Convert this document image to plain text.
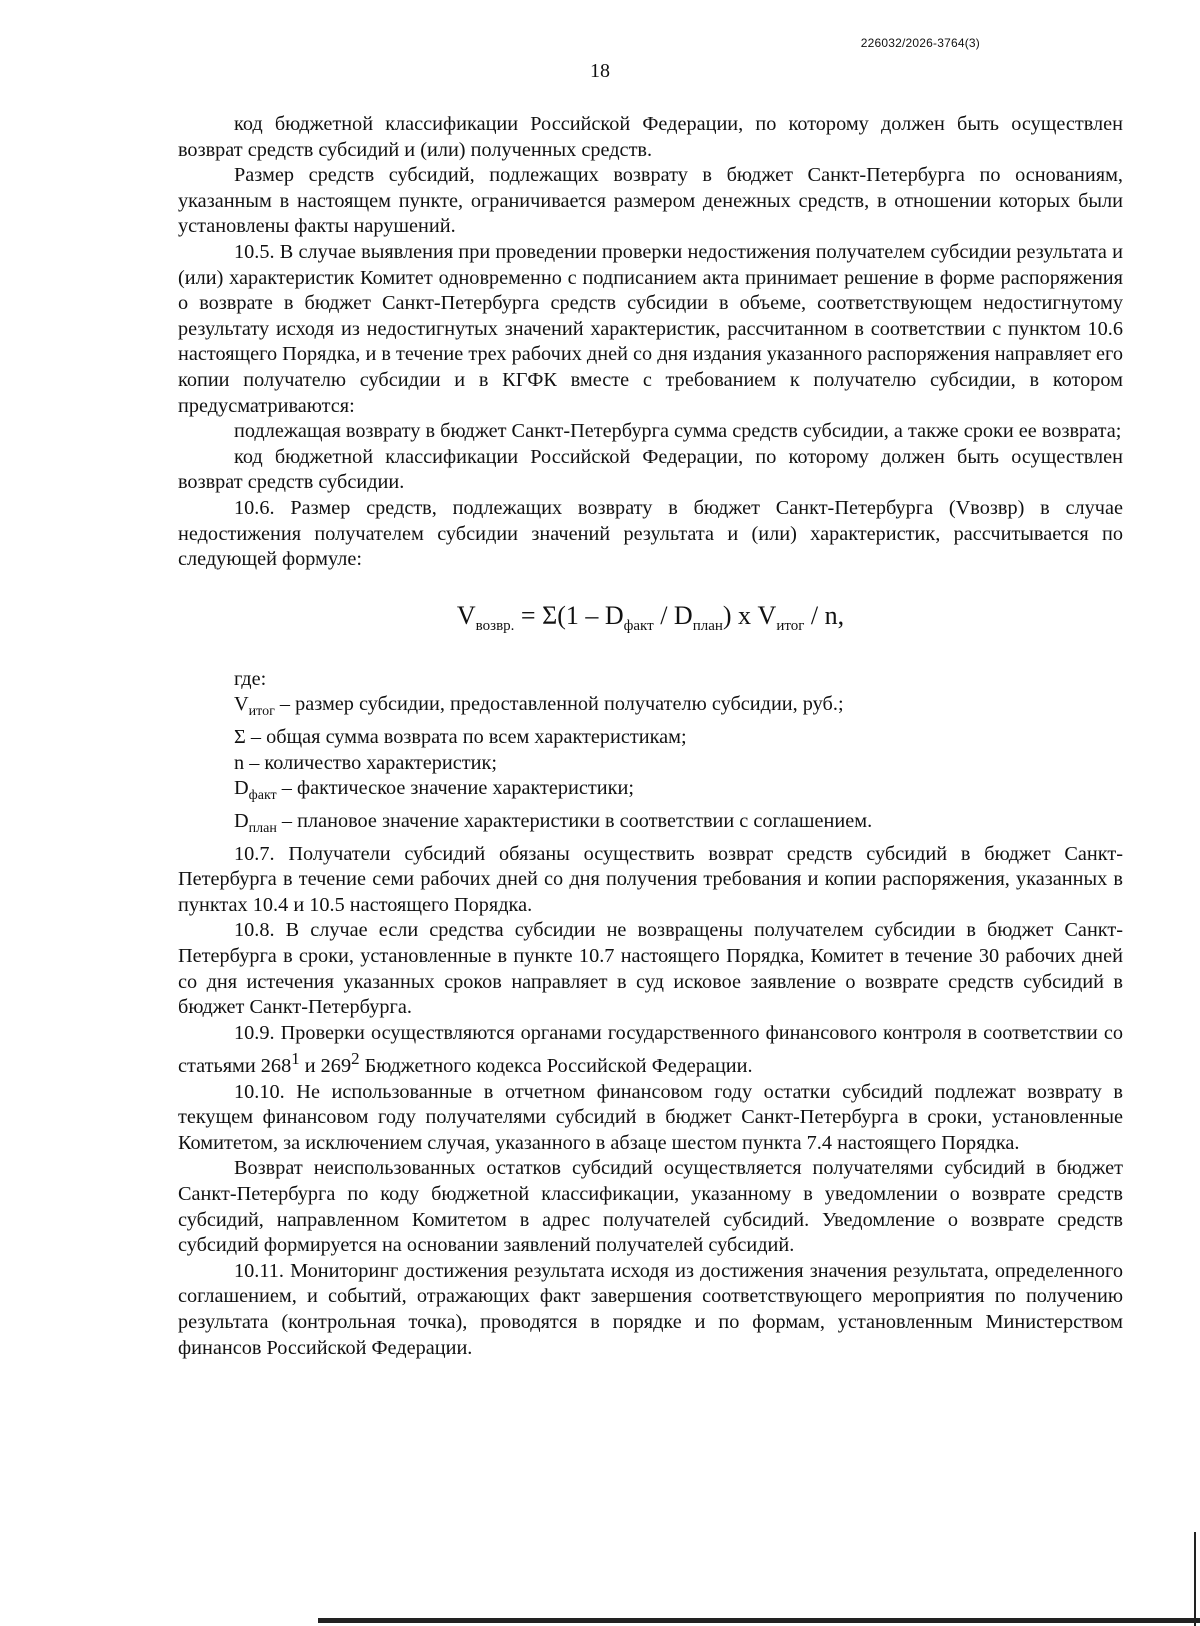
226032/2026-3764(3)
18

код бюджетной классификации Российской Федерации, по которому должен быть осуществлен возврат средств субсидий и (или) полученных средств.

Размер средств субсидий, подлежащих возврату в бюджет Санкт-Петербурга по основаниям, указанным в настоящем пункте, ограничивается размером денежных средств, в отношении которых были установлены факты нарушений.

10.5. В случае выявления при проведении проверки недостижения получателем субсидии результата и (или) характеристик Комитет одновременно с подписанием акта принимает решение в форме распоряжения о возврате в бюджет Санкт-Петербурга средств субсидии в объеме, соответствующем недостигнутому результату исходя из недостигнутых значений характеристик, рассчитанном в соответствии с пунктом 10.6 настоящего Порядка, и в течение трех рабочих дней со дня издания указанного распоряжения направляет его копии получателю субсидии и в КГФК вместе с требованием к получателю субсидии, в котором предусматриваются:

подлежащая возврату в бюджет Санкт-Петербурга сумма средств субсидии, а также сроки ее возврата;

код бюджетной классификации Российской Федерации, по которому должен быть осуществлен возврат средств субсидии.

10.6. Размер средств, подлежащих возврату в бюджет Санкт-Петербурга (Vвозвр) в случае недостижения получателем субсидии значений результата и (или) характеристик, рассчитывается по следующей формуле:

$V_{возвр.} = \Sigma(1 - D_{факт} / D_{план})$ х $V_{итог}$ / n,

где:

$V_{итог}$ – размер субсидии, предоставленной получателю субсидии, руб.;

Σ – общая сумма возврата по всем характеристикам;

n – количество характеристик;

$D_{факт}$ – фактическое значение характеристики;

$D_{план}$ – плановое значение характеристики в соответствии с соглашением.

10.7. Получатели субсидий обязаны осуществить возврат средств субсидий в бюджет Санкт-Петербурга в течение семи рабочих дней со дня получения требования и копии распоряжения, указанных в пунктах 10.4 и 10.5 настоящего Порядка.

10.8. В случае если средства субсидии не возвращены получателем субсидии в бюджет Санкт-Петербурга в сроки, установленные в пункте 10.7 настоящего Порядка, Комитет в течение 30 рабочих дней со дня истечения указанных сроков направляет в суд исковое заявление о возврате средств субсидий в бюджет Санкт-Петербурга.

10.9. Проверки осуществляются органами государственного финансового контроля в соответствии со статьями $268^1$ и $269^2$ Бюджетного кодекса Российской Федерации.

10.10. Не использованные в отчетном финансовом году остатки субсидий подлежат возврату в текущем финансовом году получателями субсидий в бюджет Санкт-Петербурга в сроки, установленные Комитетом, за исключением случая, указанного в абзаце шестом пункта 7.4 настоящего Порядка.

Возврат неиспользованных остатков субсидий осуществляется получателями субсидий в бюджет Санкт-Петербурга по коду бюджетной классификации, указанному в уведомлении о возврате средств субсидий, направленном Комитетом в адрес получателей субсидий. Уведомление о возврате средств субсидий формируется на основании заявлений получателей субсидий.

10.11. Мониторинг достижения результата исходя из достижения значения результата, определенного соглашением, и событий, отражающих факт завершения соответствующего мероприятия по получению результата (контрольная точка), проводятся в порядке и по формам, установленным Министерством финансов Российской Федерации.
